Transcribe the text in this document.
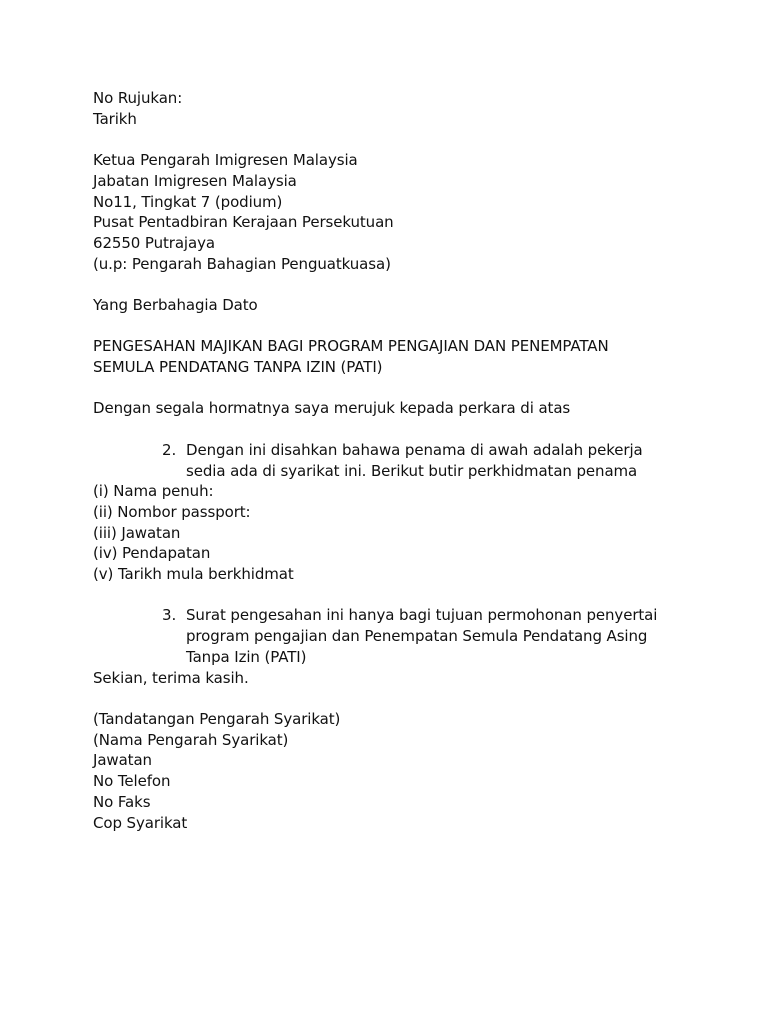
No Rujukan:
Tarikh
Ketua Pengarah Imigresen Malaysia
Jabatan Imigresen Malaysia
No11, Tingkat 7 (podium)
Pusat Pentadbiran Kerajaan Persekutuan
62550 Putrajaya
(u.p: Pengarah Bahagian Penguatkuasa)
Yang Berbahagia Dato
PENGESAHAN MAJIKAN BAGI PROGRAM PENGAJIAN DAN PENEMPATAN
SEMULA PENDATANG TANPA IZIN (PATI)
Dengan segala hormatnya saya merujuk kepada perkara di atas
2. Dengan ini disahkan bahawa penama di awah adalah pekerja
sedia ada di syarikat ini. Berikut butir perkhidmatan penama
(i) Nama penuh:
(ii) Nombor passport:
(iii) Jawatan
(iv) Pendapatan
(v) Tarikh mula berkhidmat
3. Surat pengesahan ini hanya bagi tujuan permohonan penyertai
program pengajian dan Penempatan Semula Pendatang Asing
Tanpa Izin (PATI)
Sekian, terima kasih.
(Tandatangan Pengarah Syarikat)
(Nama Pengarah Syarikat)
Jawatan
No Telefon
No Faks
Cop Syarikat
